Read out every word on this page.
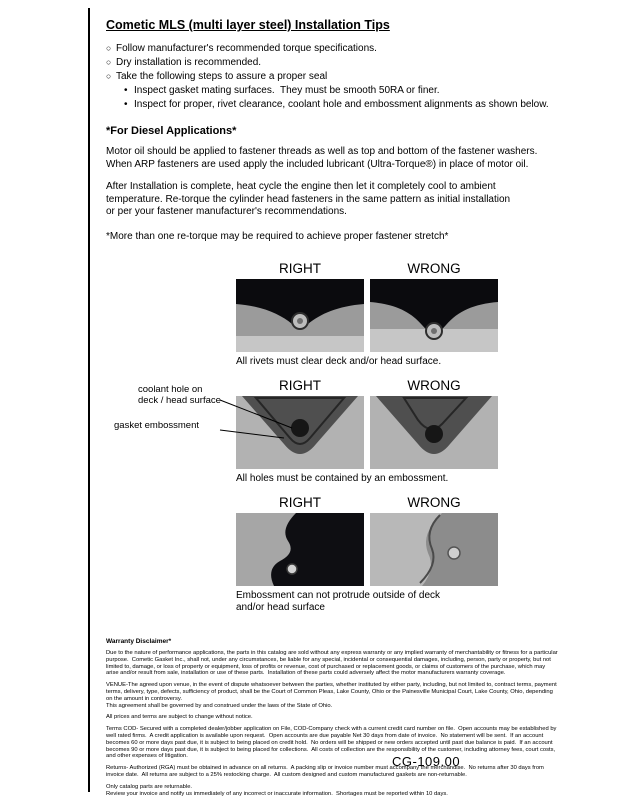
Cometic MLS (multi layer steel) Installation Tips
○ Follow manufacturer's recommended torque specifications.
○ Dry installation is recommended.
○ Take the following steps to assure a proper seal
• Inspect gasket mating surfaces.  They must be smooth 50RA or finer.
• Inspect for proper, rivet clearance, coolant hole and embossment alignments as shown below.
*For Diesel Applications*

Motor oil should be applied to fastener threads as well as top and bottom of the fastener washers.
When ARP fasteners are used apply the included lubricant (Ultra-Torque®) in place of motor oil.

After Installation is complete, heat cycle the engine then let it completely cool to ambient
temperature. Re-torque the cylinder head fasteners in the same pattern as initial installation
or per your fastener manufacturer's recommendations.

*More than one re-torque may be required to achieve proper fastener stretch*

RIGHT	WRONG
All rivets must clear deck and/or head surface.
RIGHT	WRONG
coolant hole on
deck / head surface
gasket embossment
All holes must be contained by an embossment.
RIGHT	WRONG
Embossment can not protrude outside of deck
and/or head surface
Warranty Disclaimer*

Due to the nature of performance applications, the parts in this catalog are sold without any express warranty or any implied warranty of merchantability or fitness for a particular purpose.  Cometic Gasket Inc., shall not, under any circumstances, be liable for any special, incidental or consequential damages, including, person, party or property, but not limited to, damage, or loss of property or equipment, loss of profits or revenue, cost of purchased or replacement goods, or claims of customers of the purchase, which may arise and/or result from sale, installation or use of these parts.  Installation of these parts could adversely affect the motor manufacturers warranty coverage.

VENUE-The agreed upon venue, in the event of dispute whatsoever between the parties, whether instituted by either party, including, but not limited to, contract terms, payment terms, delivery, type, defects, sufficiency of product, shall be the Court of Common Pleas, Lake County, Ohio or the Painesville Municipal Court, Lake County, Ohio, depending on the amount in controversy.
This agreement shall be governed by and construed under the laws of the State of Ohio.

All prices and terms are subject to change without notice.

Terms COD- Secured with a completed dealer/jobber application on File, COD-Company check with a current credit card number on file.  Open accounts may be established by well rated firms.  A credit application is available upon request.  Open accounts are due payable Net 30 days from date of invoice.  No statement will be sent.  If an account becomes 60 or more days past due, it is subject to being placed on credit hold.  No orders will be shipped or new orders accepted until past due balance is paid.  If an account becomes 90 or more days past due, it is subject to being placed for collections.  All costs of collection are the responsibility of the customer, including attorney fees, court costs, and other expenses of litigation.

Returns- Authorized (RGA) must be obtained in advance on all returns.  A packing slip or invoice number must accompany the merchandise.  No returns after 30 days from invoice date.  All returns are subject to a 25% restocking charge.  All custom designed and custom manufactured gaskets are non-returnable.

Only catalog parts are returnable.
Review your invoice and notify us immediately of any incorrect or inaccurate information.  Shortages must be reported within 10 days.

CG-109.00
